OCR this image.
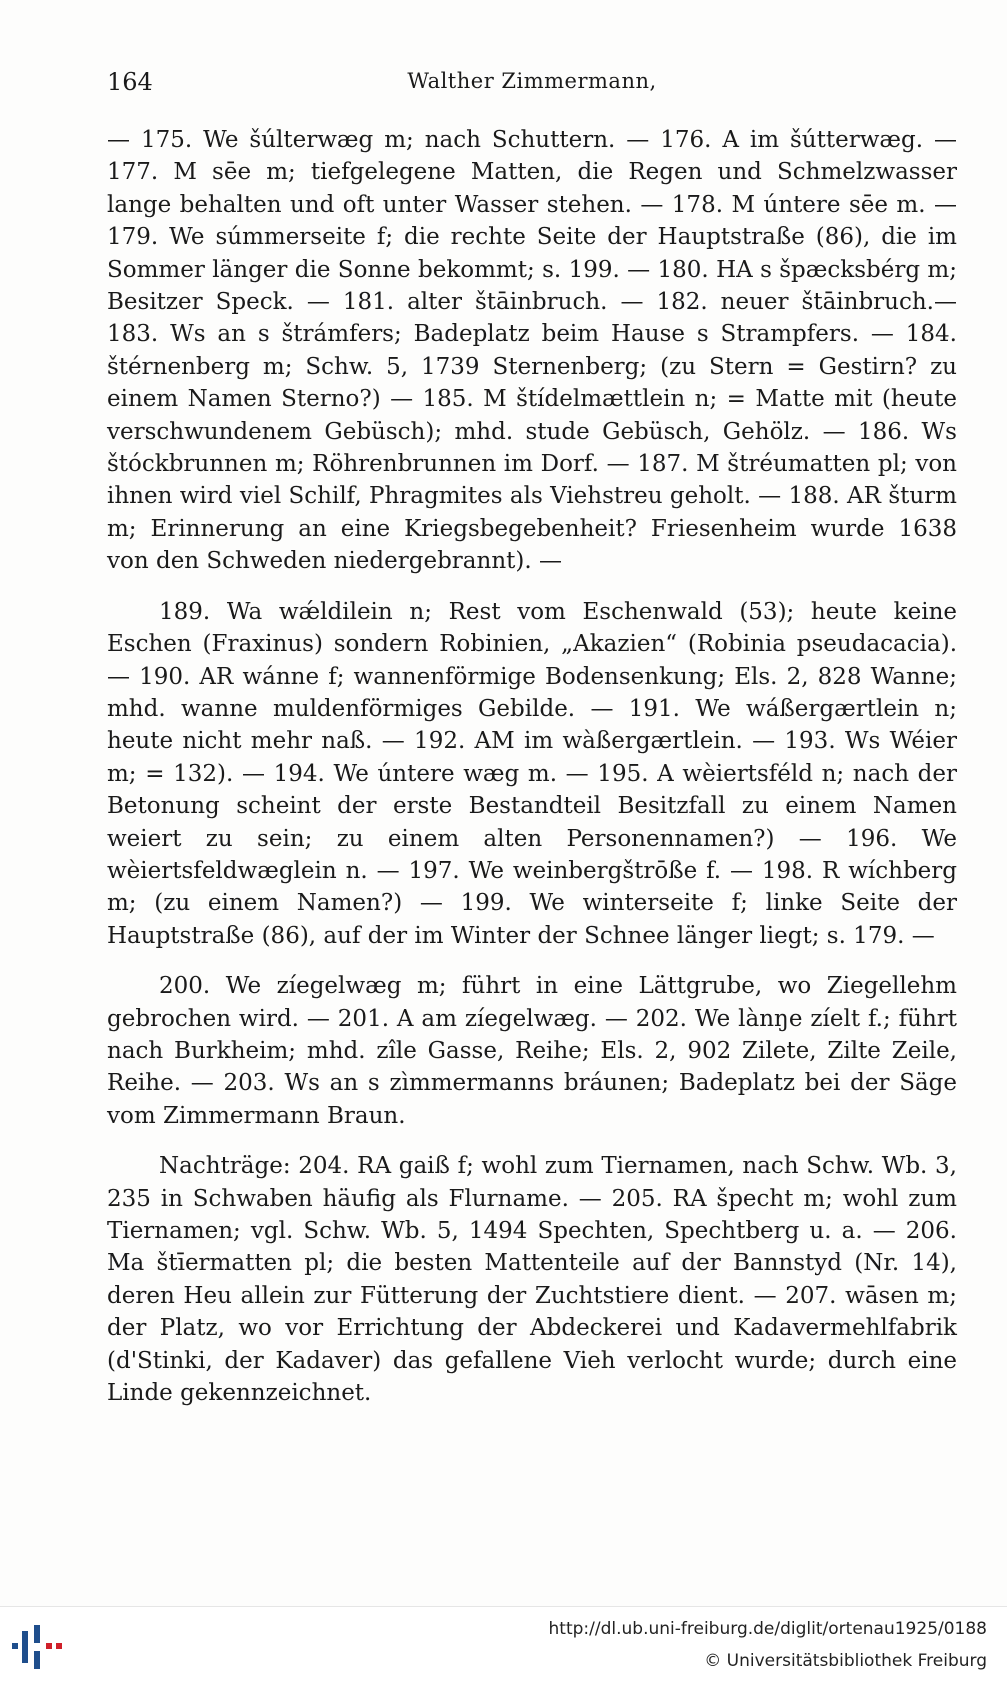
164	Walther Zimmermann,

— 175. We šúlterwæg m; nach Schuttern. — 176. A im šútterwæg. — 177. M sēe m; tiefgelegene Matten, die Regen und Schmelzwasser lange behalten und oft unter Wasser stehen. — 178. M únterе sēe m. — 179. We súmmerseite f; die rechte Seite der Hauptstraße (86), die im Sommer länger die Sonne bekommt; s. 199. — 180. HA s špæcksbérg m; Besitzer Speck. — 181. alter štāinbruch. — 182. neuer štāinbruch.— 183. Ws an s štrámfers; Badeplatz beim Hause s Strampfers. — 184. štérnenberg m; Schw. 5, 1739 Sternenberg; (zu Stern = Gestirn? zu einem Namen Sterno?) — 185. M štídelmættlein n; = Matte mit (heute verschwundenem Gebüsch); mhd. stude Gebüsch, Gehölz. — 186. Ws štóckbrunnen m; Röhrenbrunnen im Dorf. — 187. M štréumatten pl; von ihnen wird viel Schilf, Phragmites als Viehstreu geholt. — 188. AR šturm m; Erinnerung an eine Kriegsbegebenheit? Friesenheim wurde 1638 von den Schweden niedergebrannt). —

189. Wa wǽldilein n; Rest vom Eschenwald (53); heute keine Eschen (Fraxinus) sondern Robinien, „Akazien“ (Robinia pseudacacia). — 190. AR wánne f; wannenförmige Bodensenkung; Els. 2, 828 Wanne; mhd. wanne muldenförmiges Gebilde. — 191. We wáßergærtlein n; heute nicht mehr naß. — 192. AM im wàßergærtlein. — 193. Ws Wéier m; = 132). — 194. We úntere wæg m. — 195. A wèiertsféld n; nach der Betonung scheint der erste Bestandteil Besitzfall zu einem Namen weiert zu sein; zu einem alten Personennamen?) — 196. We wèiertsfeldwæglein n. — 197. We weinbergštrōße f. — 198. R wíchberg m; (zu einem Namen?) — 199. We wintersеite f; linke Seite der Hauptstraße (86), auf der im Winter der Schnee länger liegt; s. 179. —

200. We zíegelwæg m; führt in eine Lättgrube, wo Ziegellehm gebrochen wird. — 201. A am zíegelwæg. — 202. We lànŋe zíelt f.; führt nach Burkheim; mhd. zîle Gasse, Reihe; Els. 2, 902 Zilete, Zilte Zeile, Reihe. — 203. Ws an s zìmmermanns bráunen; Badeplatz bei der Säge vom Zimmermann Braun.

Nachträge: 204. RA gaiß f; wohl zum Tiernamen, nach Schw. Wb. 3, 235 in Schwaben häufig als Flurname. — 205. RA špecht m; wohl zum Tiernamen; vgl. Schw. Wb. 5, 1494 Spechten, Spechtberg u. a. — 206. Ma štīermatten pl; die besten Mattenteile auf der Bannstyd (Nr. 14), deren Heu allein zur Fütterung der Zuchtstiere dient. — 207. wāsen m; der Platz, wo vor Errichtung der Abdeckerei und Kadavermehlfabrik (d'Stinki, der Kadaver) das gefallene Vieh verlocht wurde; durch eine Linde gekennzeichnet.

http://dl.ub.uni-freiburg.de/diglit/ortenau1925/0188
© Universitätsbibliothek Freiburg
